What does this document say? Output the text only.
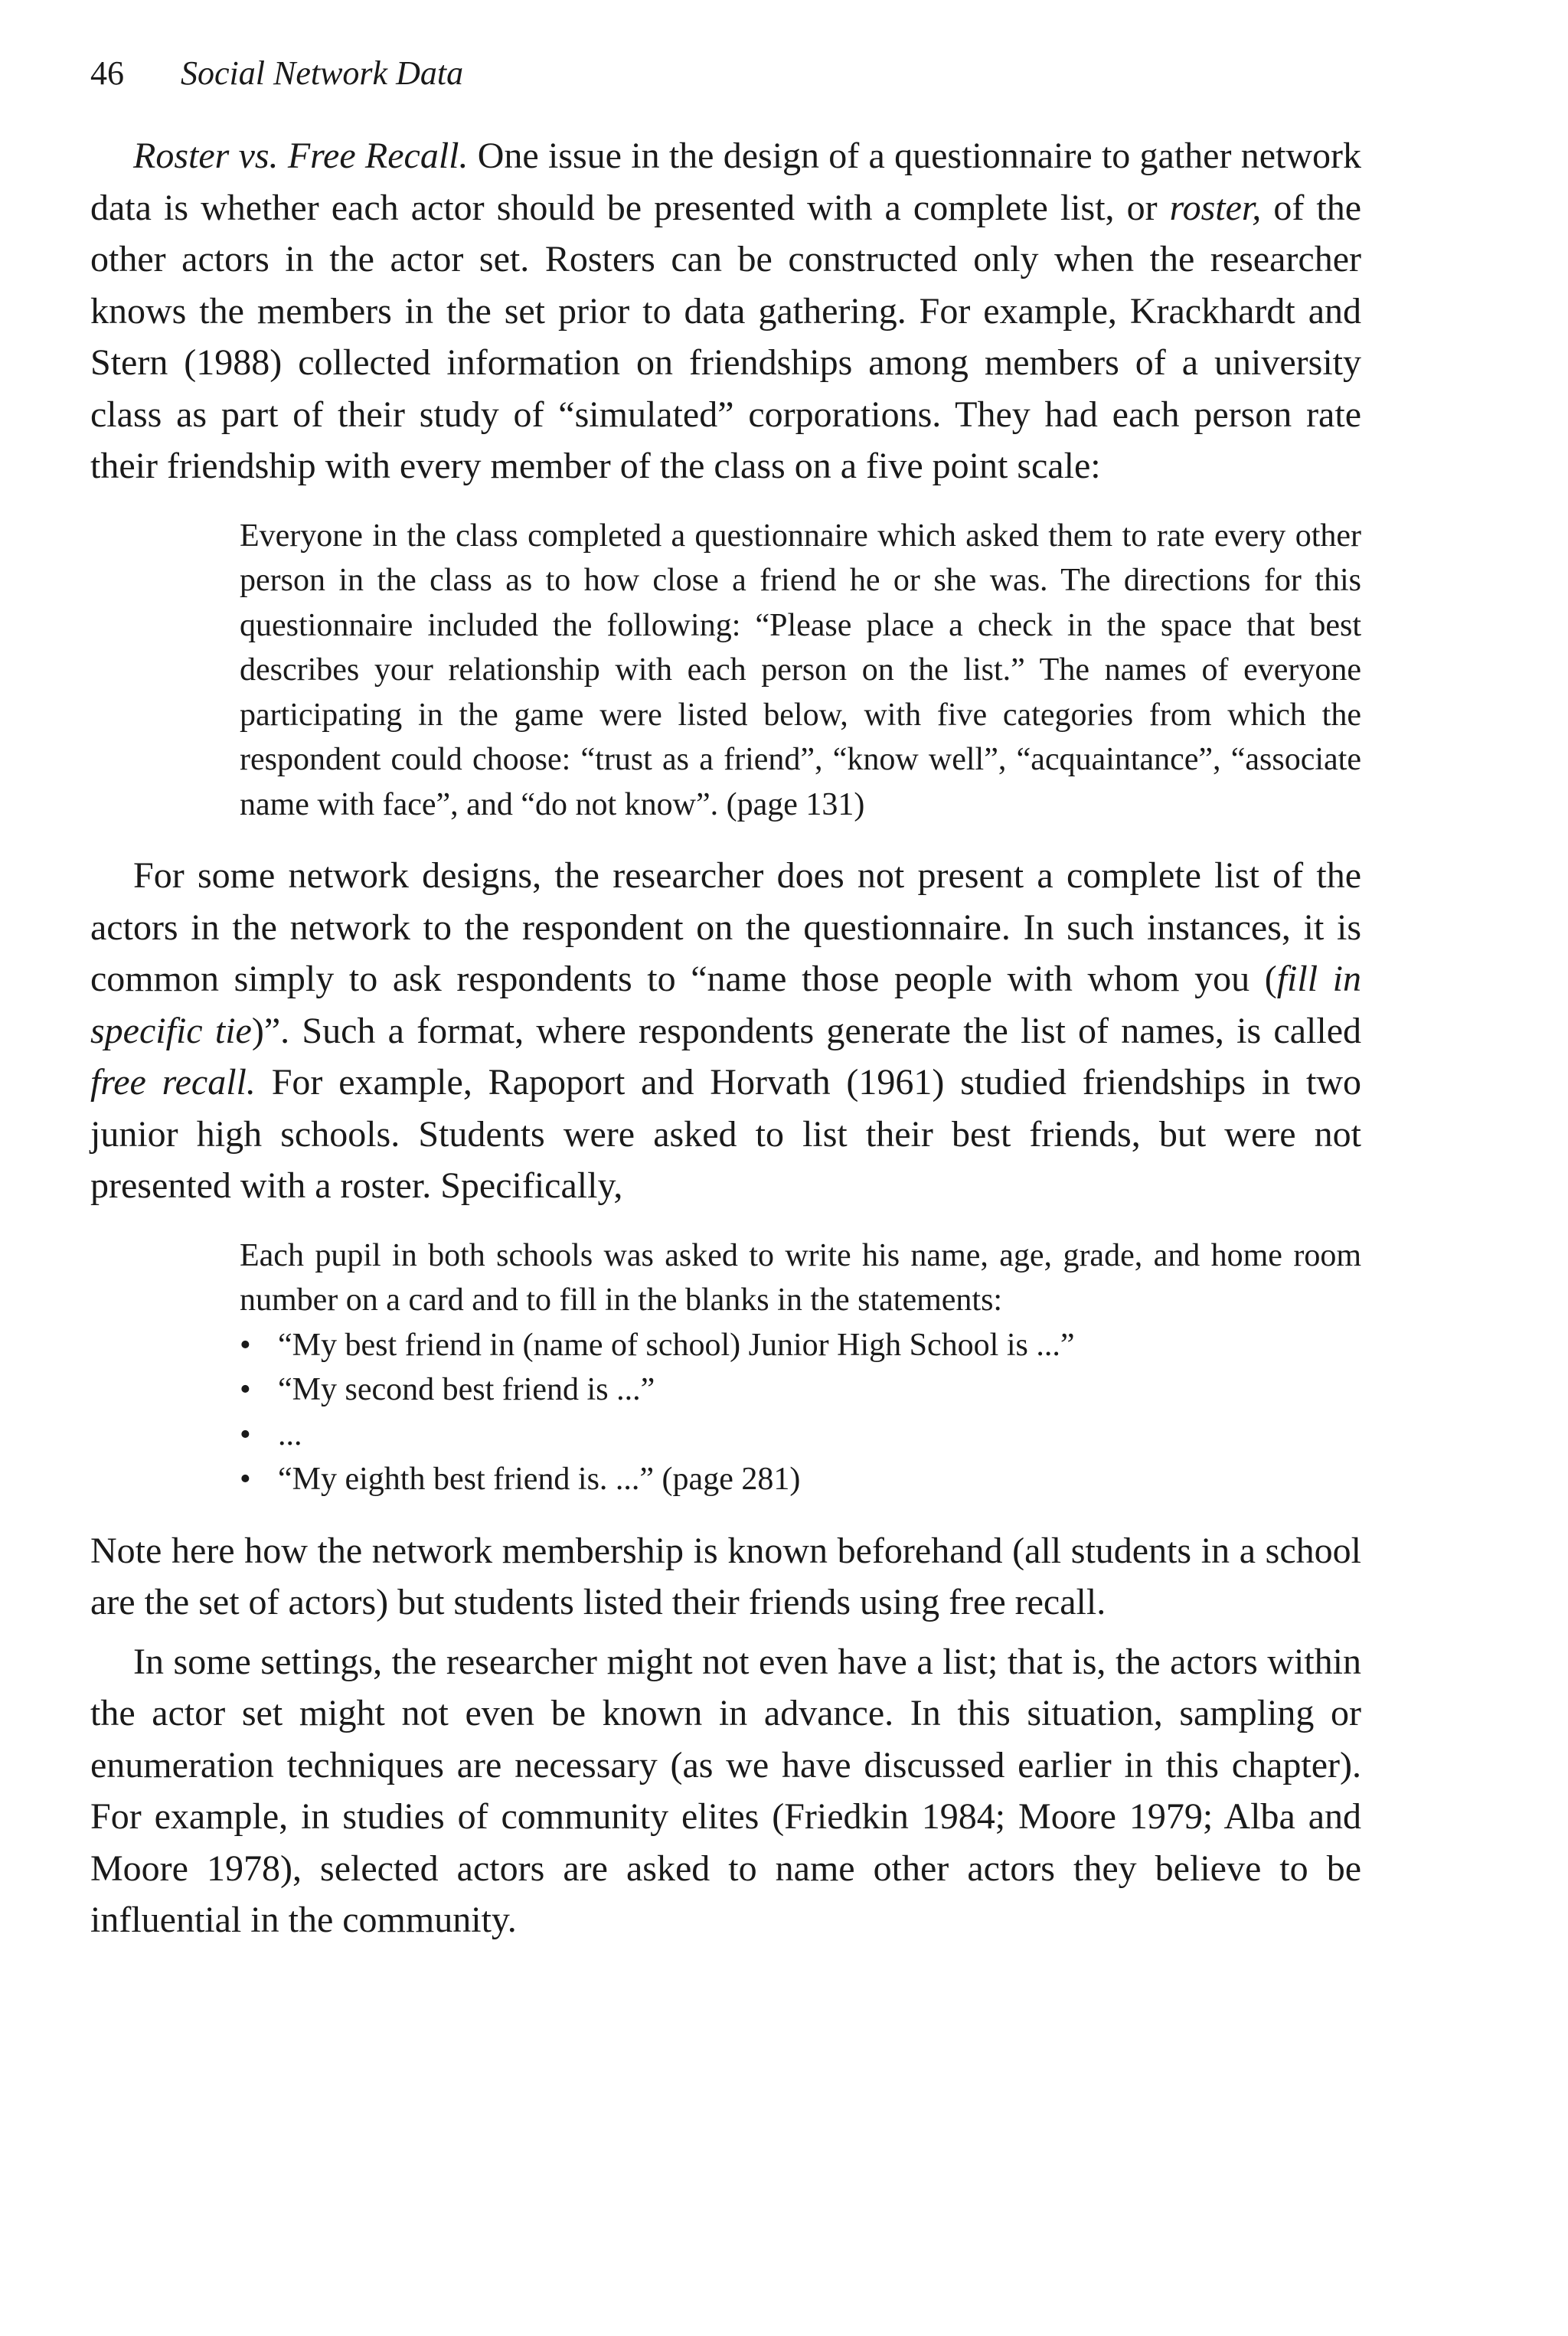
46 Social Network Data

Roster vs. Free Recall. One issue in the design of a questionnaire to gather network data is whether each actor should be presented with a complete list, or roster, of the other actors in the actor set. Rosters can be constructed only when the researcher knows the members in the set prior to data gathering. For example, Krackhardt and Stern (1988) collected information on friendships among members of a university class as part of their study of “simulated” corporations. They had each person rate their friendship with every member of the class on a five point scale:

Everyone in the class completed a questionnaire which asked them to rate every other person in the class as to how close a friend he or she was. The directions for this questionnaire included the following: “Please place a check in the space that best describes your relationship with each person on the list.” The names of everyone participating in the game were listed below, with five categories from which the respondent could choose: “trust as a friend”, “know well”, “acquaintance”, “associate name with face”, and “do not know”. (page 131)

For some network designs, the researcher does not present a complete list of the actors in the network to the respondent on the questionnaire. In such instances, it is common simply to ask respondents to “name those people with whom you (fill in specific tie)”. Such a format, where respondents generate the list of names, is called free recall. For example, Rapoport and Horvath (1961) studied friendships in two junior high schools. Students were asked to list their best friends, but were not presented with a roster. Specifically,

Each pupil in both schools was asked to write his name, age, grade, and home room number on a card and to fill in the blanks in the statements:

• “My best friend in (name of school) Junior High School is ...”
• “My second best friend is ...”
• ...
• “My eighth best friend is. ...” (page 281)

Note here how the network membership is known beforehand (all students in a school are the set of actors) but students listed their friends using free recall.

In some settings, the researcher might not even have a list; that is, the actors within the actor set might not even be known in advance. In this situation, sampling or enumeration techniques are necessary (as we have discussed earlier in this chapter). For example, in studies of community elites (Friedkin 1984; Moore 1979; Alba and Moore 1978), selected actors are asked to name other actors they believe to be influential in the community.
